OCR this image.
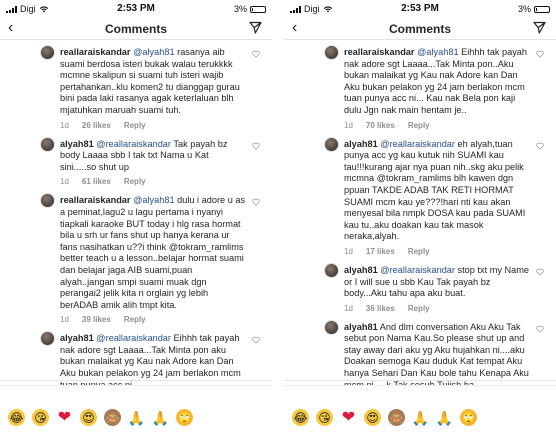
Digi	2:53 PM	3%
‹	Comments
reallaraiskandar @alyah81 rasanya aib suami berdosa isteri bukak walau terukkkk mcmne skalipun si suami tuh isteri wajib pertahankan..klu komen2 tu dianggap gurau bini pada laki rasanya agak keterlaluan blh mjatuhkan maruah suami tuh.
1d 26 likes Reply
alyah81 @reallaraiskandar Tak payah bz body Laaaa sbb I tak txt Nama u Kat sini.....so shut up
1d 61 likes Reply
reallaraiskandar @alyah81 dulu i adore u as a peminat,lagu2 u lagu pertama i nyanyi tiapkali karaoke BUT today i hlg rasa hormat bila u srh ur fans shut up hanya kerana ur fans nasihatkan u??i think @tokram_ramlims better teach u a lesson..belajar hormat suami dan belajar jaga AIB suami,puan alyah..jangan smpi suami muak dgn perangai2 jelik kita n orglain yg lebih berADAB amik alih tmpt kita.
1d 39 likes Reply
alyah81 @reallaraiskandar Eihhh tak payah nak adore sgt Laaaa...Tak Minta pon aku bukan malaikat yg Kau nak Adore kan Dan Aku bukan pelakon yg 24 jam berlakon mcm
😂 😘 ❤ 😍 🙈 🙏 🙏 🙄
Digi	2:53 PM	3%
‹	Comments
reallaraiskandar @alyah81 Eihhh tak payah nak adore sgt Laaaa...Tak Minta pon..Aku bukan malaikat yg Kau nak Adore kan Dan Aku bukan pelakon yg 24 jam berlakon mcm tuan punya acc ni... Kau nak Bela pon kaji dulu Jgn nak main hentam je..
1d 70 likes Reply
alyah81 @reallaraiskandar eh alyah,tuan punya acc yg kau kutuk nih SUAMI kau tau!!!kurang ajar nya puan nih..skg aku pelik mcmna @tokram_ramlims blh kawen dgn ppuan TAKDE ADAB TAK RETI HORMAT SUAMI mcm kau ye???!hari nti kau akan menyesal bila nmpk DOSA kau pada SUAMI kau tu..aku doakan kau tak masok neraka,alyah.
1d 17 likes Reply
alyah81 @reallaraiskandar stop txt my Name or I will sue u sbb Kau Tak payah bz body...Aku tahu apa aku buat.
1d 36 likes Reply
alyah81 And dlm conversation Aku Aku Tak sebut pon Nama Kau.So please shut up and stay away dari aku yg Aku hujahkan ni....aku Doakan semoga Kau duduk Kat tempat Aku hanya Sehari Dan Kau bole tahu Kenapa Aku
😂 😘 ❤ 😍 🙈 🙏 🙏 🙄
